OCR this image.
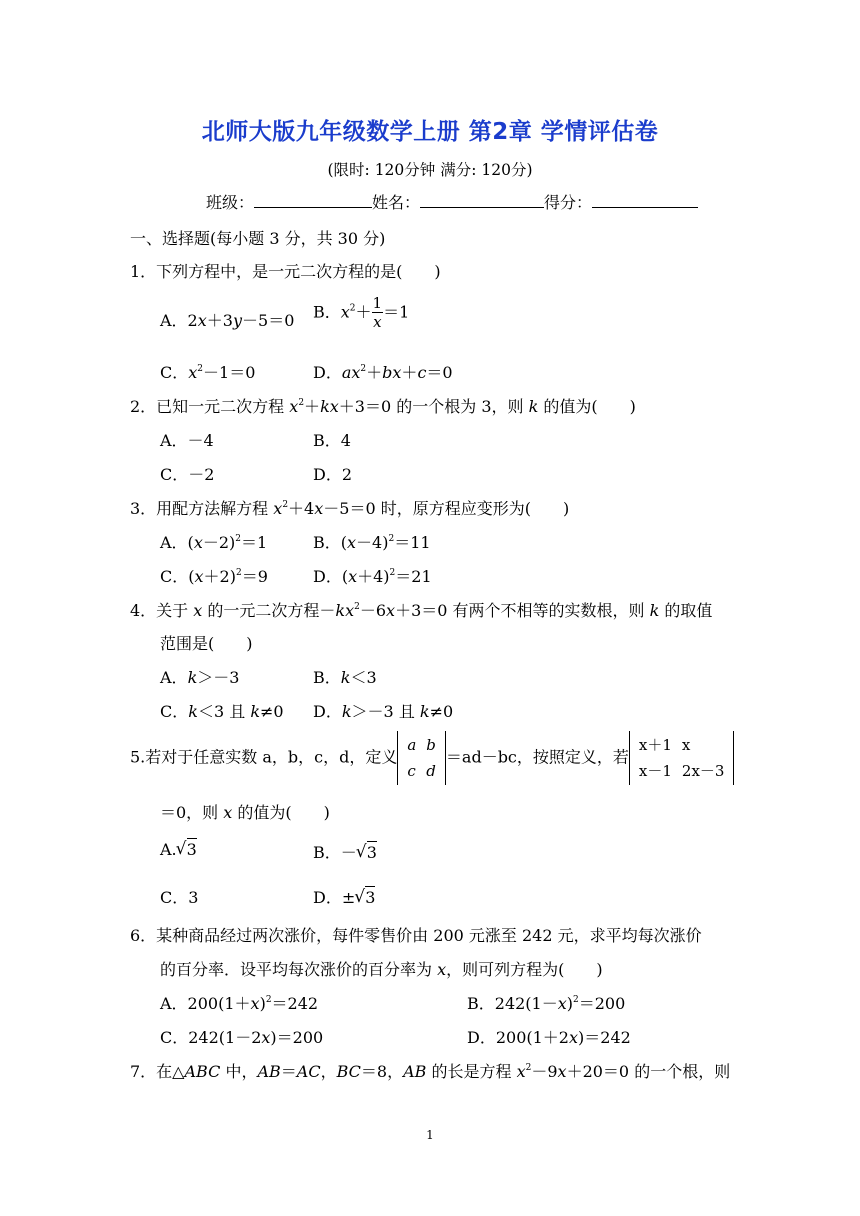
北师大版九年级数学上册 第2章 学情评估卷
(限时: 120分钟 满分: 120分)
班级：	姓名：	得分：
一、选择题(每小题 3 分，共 30 分)
1．下列方程中，是一元二次方程的是(　　)
A．2x＋3y－5＝0 B．$x^2+ \frac{1}{x} =1$
C．$x^2-1=0$	D．$ax^2+bx+c=0$
2．已知一元二次方程 $x^2+kx+3=0$ 的一个根为 3，则 k 的值为(　　)
A．－4	B．4
C．－2	D．2
3．用配方法解方程 $x^2+4x-5=0$ 时，原方程应变形为(　　)
A．$(x-2)^2=1$	B．$(x-4)^2=11$
C．$(x+2)^2=9$	D．$(x+4)^2=21$
4．关于 x 的一元二次方程$-kx^2-6x+3=0$ 有两个不相等的实数根，则 k 的取值
范围是(　　)
A．k＞－3	B．k＜3
C．k＜3 且 k≠0 D．k＞－3 且 k≠0
5.若对于任意实数 a，b，c，d，定义
a	b
c	d
＝ad－bc，按照定义，若
x＋1	x
x－1	2x－3
＝0，则 x 的值为(　　)
A. √ 3	B．－ √ 3
C．3	D．± √ 3
6．某种商品经过两次涨价，每件零售价由 200 元涨至 242 元，求平均每次涨价
的百分率．设平均每次涨价的百分率为 x，则可列方程为(　　)
A．$200(1+x)^2=242$	B．$242(1-x)^2=200$
C．242(1－2x)＝200	D．200(1＋2x)＝242
7．在△ABC 中，AB＝AC，BC＝8，AB 的长是方程 $x^2-9x+20=0$ 的一个根，则
1
